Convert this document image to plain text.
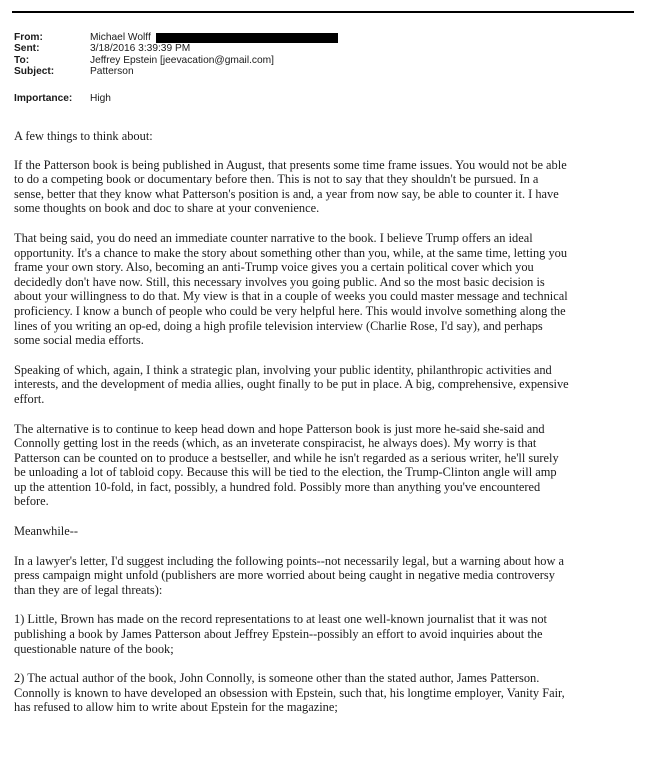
From:	Michael Wolff
Sent:	3/18/2016 3:39:39 PM
To:	Jeffrey Epstein [jeevacation@gmail.com]
Subject:	Patterson
Importance:	High

A few things to think about:

If the Patterson book is being published in August, that presents some time frame issues. You would not be able
to do a competing book or documentary before then. This is not to say that they shouldn't be pursued. In a
sense, better that they know what Patterson's position is and, a year from now say, be able to counter it. I have
some thoughts on book and doc to share at your convenience.
That being said, you do need an immediate counter narrative to the book. I believe Trump offers an ideal
opportunity. It's a chance to make the story about something other than you, while, at the same time, letting you
frame your own story. Also, becoming an anti-Trump voice gives you a certain political cover which you
decidedly don't have now. Still, this necessary involves you going public. And so the most basic decision is
about your willingness to do that. My view is that in a couple of weeks you could master message and technical
proficiency. I know a bunch of people who could be very helpful here. This would involve something along the
lines of you writing an op-ed, doing a high profile television interview (Charlie Rose, I'd say), and perhaps
some social media efforts.
Speaking of which, again, I think a strategic plan, involving your public identity, philanthropic activities and
interests, and the development of media allies, ought finally to be put in place. A big, comprehensive, expensive
effort.
The alternative is to continue to keep head down and hope Patterson book is just more he-said she-said and
Connolly getting lost in the reeds (which, as an inveterate conspiracist, he always does). My worry is that
Patterson can be counted on to produce a bestseller, and while he isn't regarded as a serious writer, he'll surely
be unloading a lot of tabloid copy. Because this will be tied to the election, the Trump-Clinton angle will amp
up the attention 10-fold, in fact, possibly, a hundred fold. Possibly more than anything you've encountered
before.
Meanwhile--
In a lawyer's letter, I'd suggest including the following points--not necessarily legal, but a warning about how a
press campaign might unfold (publishers are more worried about being caught in negative media controversy
than they are of legal threats):
1) Little, Brown has made on the record representations to at least one well-known journalist that it was not
publishing a book by James Patterson about Jeffrey Epstein--possibly an effort to avoid inquiries about the
questionable nature of the book;
2) The actual author of the book, John Connolly, is someone other than the stated author, James Patterson.
Connolly is known to have developed an obsession with Epstein, such that, his longtime employer, Vanity Fair,
has refused to allow him to write about Epstein for the magazine;
